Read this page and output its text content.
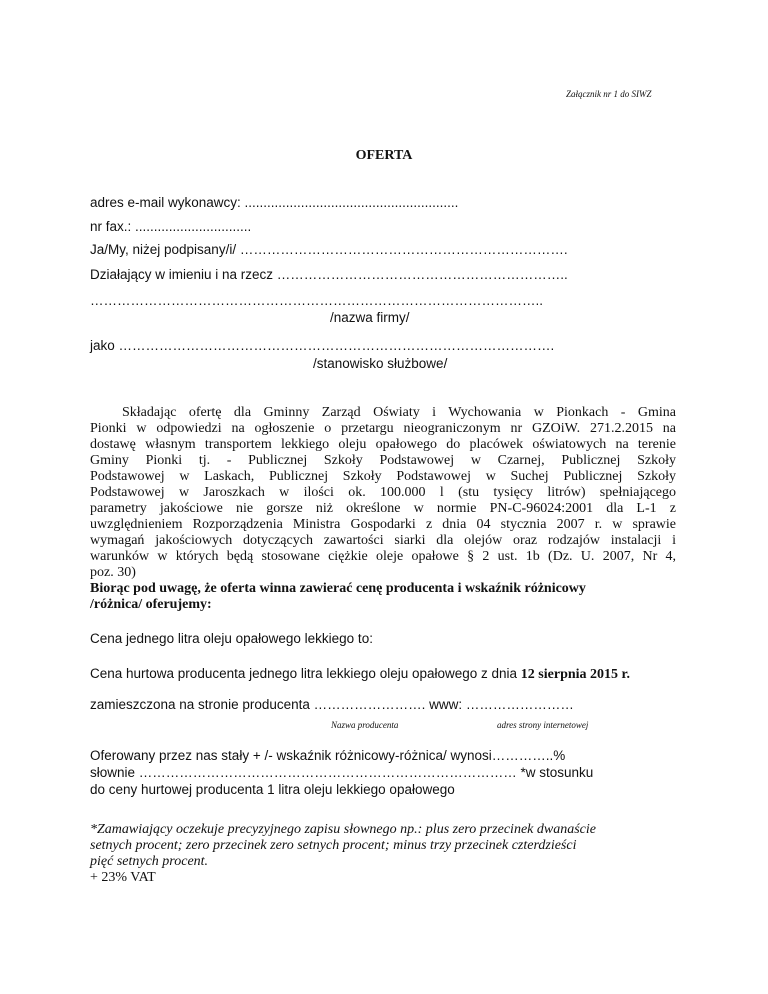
Załącznik nr 1 do SIWZ
OFERTA
adres e-mail wykonawcy: .........................................................
nr fax.: ...............................
Ja/My, niżej podpisany/i/ ……………………………………………………………….
Działający w imieniu i na rzecz ………………………………………………………..
………………………………………………………………………………………..
/nazwa firmy/
jako …………………………………………………………………………………….
/stanowisko służbowe/
Składając ofertę dla Gminny Zarząd Oświaty i Wychowania w Pionkach - Gmina
Pionki w odpowiedzi na ogłoszenie o przetargu nieograniczonym nr GZOiW. 271.2.2015 na
dostawę własnym transportem lekkiego oleju opałowego do placówek oświatowych na terenie
Gminy Pionki tj. - Publicznej Szkoły Podstawowej w Czarnej, Publicznej Szkoły
Podstawowej w Laskach, Publicznej Szkoły Podstawowej w Suchej Publicznej Szkoły
Podstawowej w Jaroszkach w ilości ok. 100.000 l (stu tysięcy litrów) spełniającego
parametry jakościowe nie gorsze niż określone w normie PN-C-96024:2001 dla L-1 z
uwzględnieniem Rozporządzenia Ministra Gospodarki z dnia 04 stycznia 2007 r. w sprawie
wymagań jakościowych dotyczących zawartości siarki dla olejów oraz rodzajów instalacji i
warunków w których będą stosowane ciężkie oleje opałowe § 2 ust. 1b (Dz. U. 2007, Nr 4,
poz. 30)
Biorąc pod uwagę, że oferta winna zawierać cenę producenta i wskaźnik różnicowy
/różnica/ oferujemy:
Cena jednego litra oleju opałowego lekkiego to:
Cena hurtowa producenta jednego litra lekkiego oleju opałowego z dnia 12 sierpnia 2015 r.
zamieszczona na stronie producenta ……………………. www: ……………………
Nazwa producenta	adres strony internetowej
Oferowany przez nas stały + /- wskaźnik różnicowy-różnica/ wynosi…………..%
słownie ………………………………………………………………………… *w stosunku
do ceny hurtowej producenta 1 litra oleju lekkiego opałowego
*Zamawiający oczekuje precyzyjnego zapisu słownego np.: plus zero przecinek dwanaście
setnych procent; zero przecinek zero setnych procent; minus trzy przecinek czterdzieści
pięć setnych procent.
+ 23% VAT
